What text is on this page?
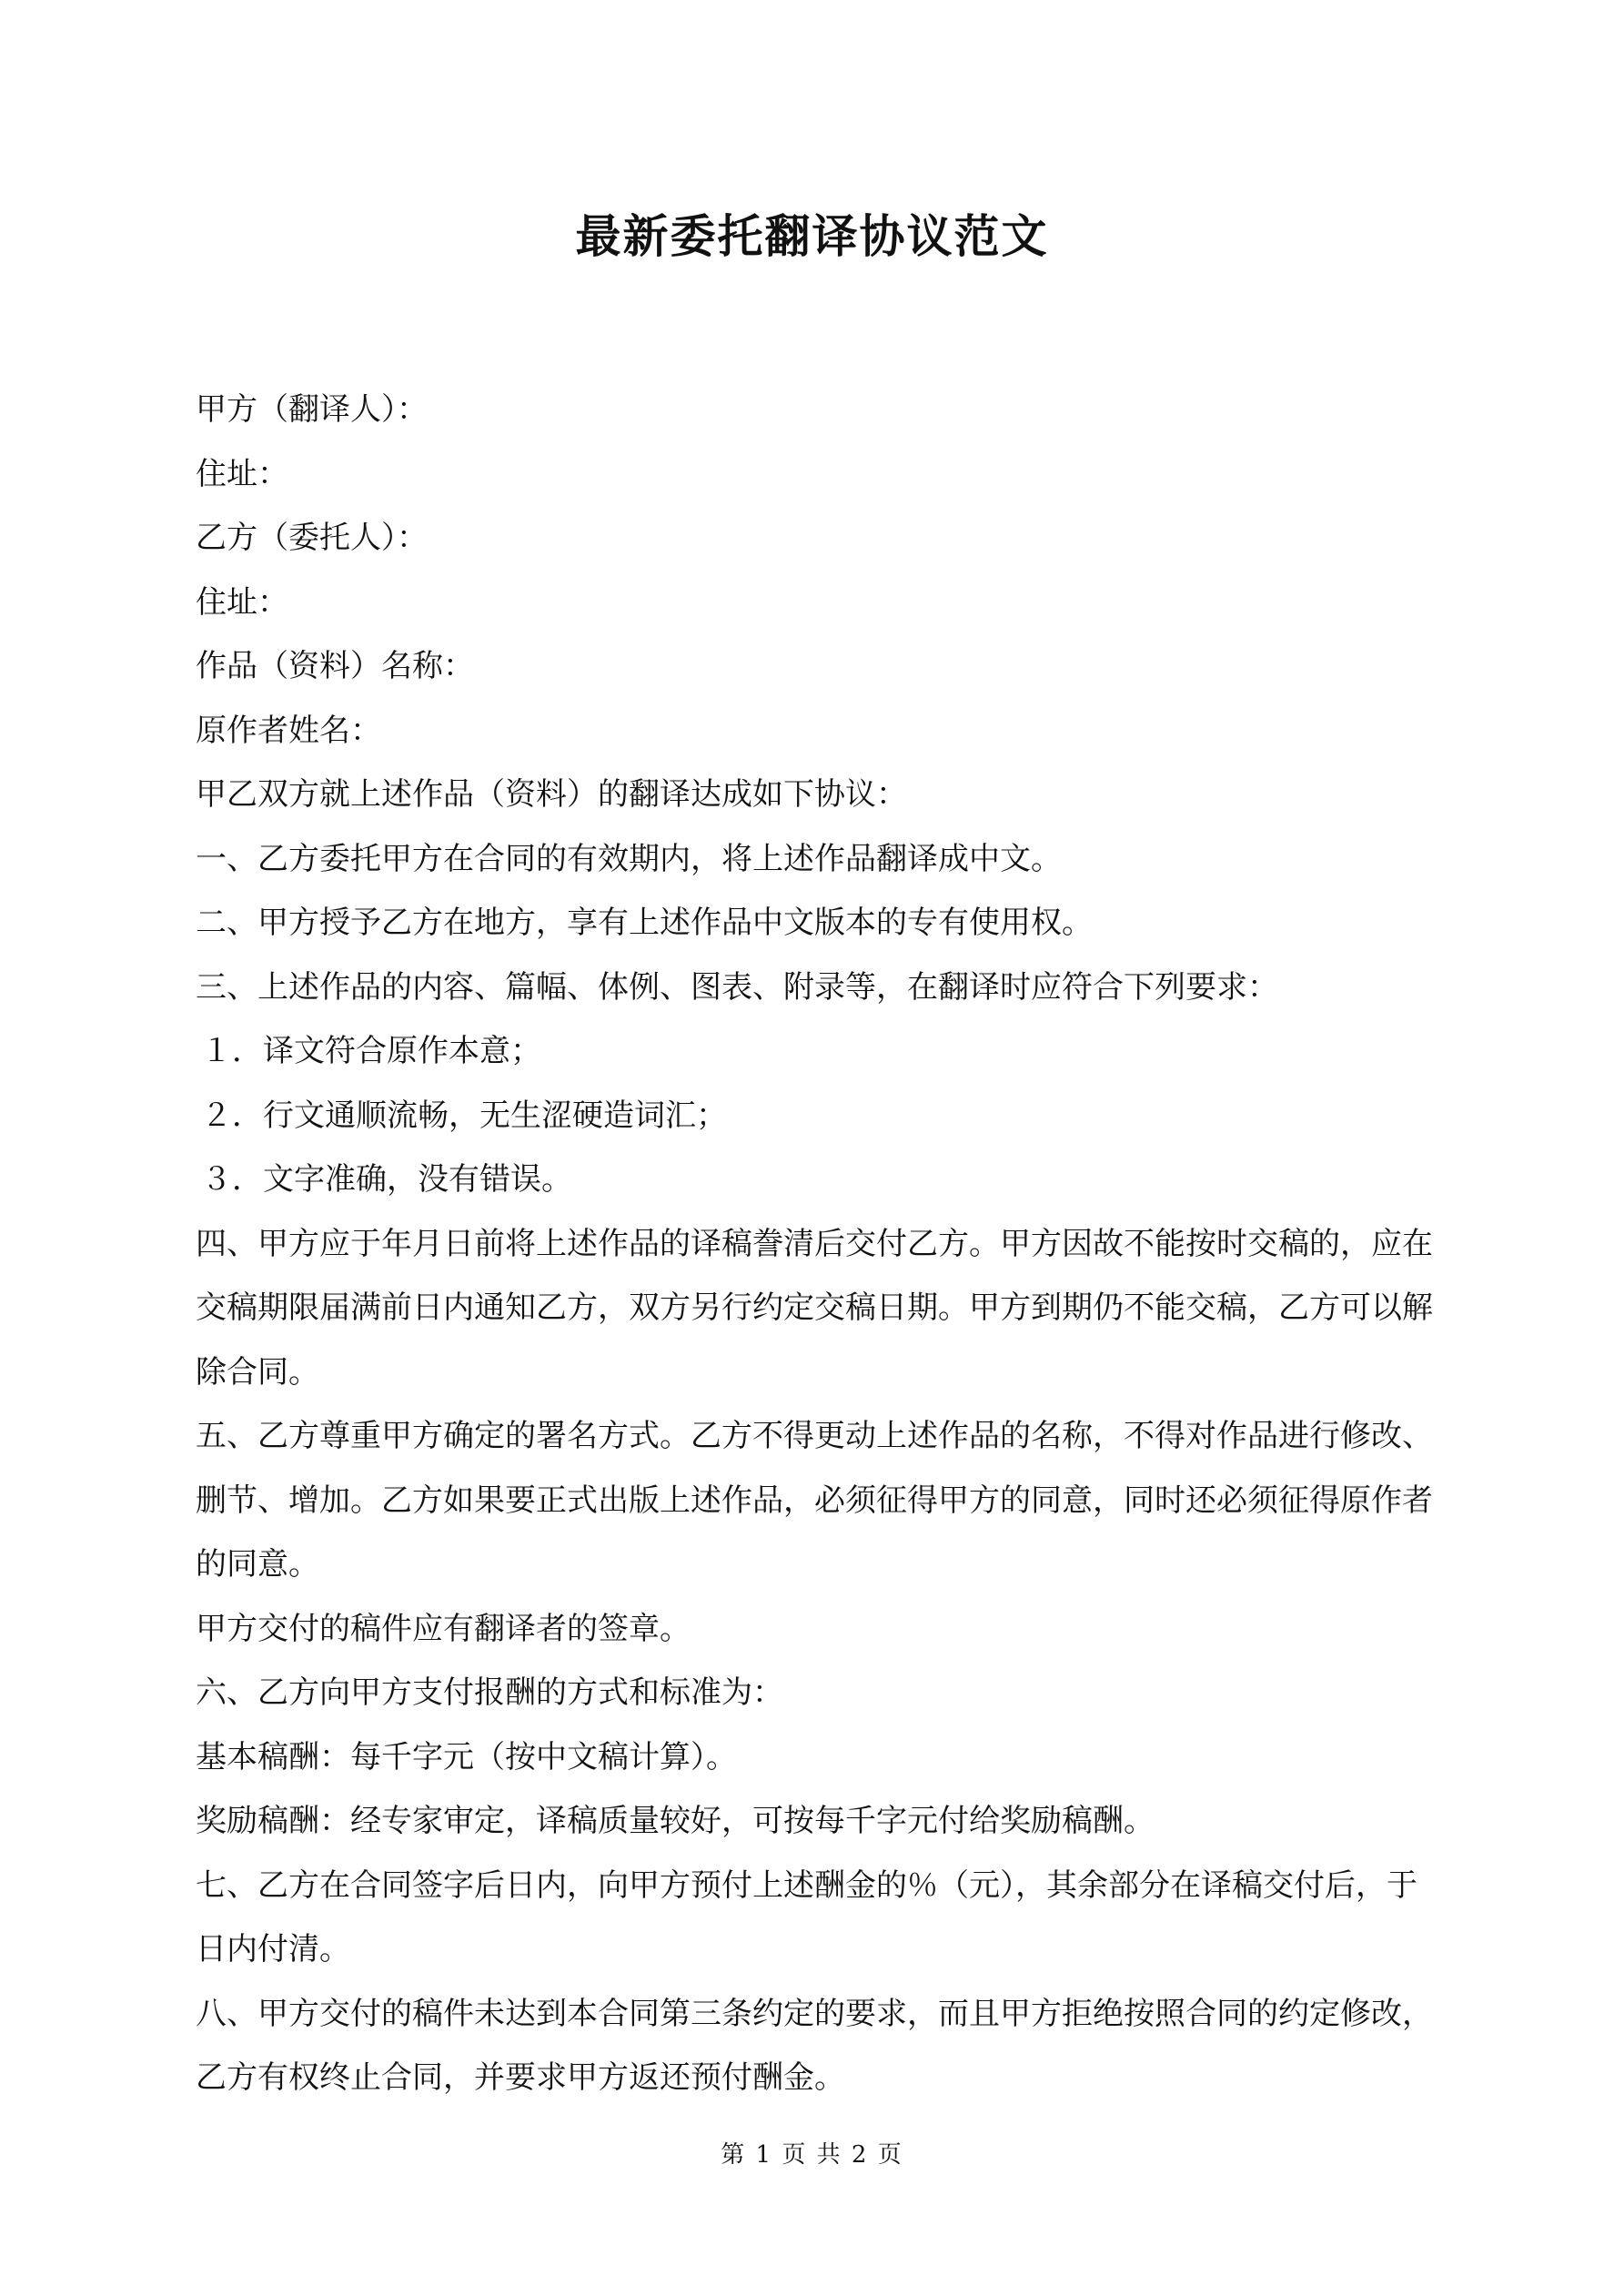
最新委托翻译协议范文

甲方（翻译人）：

住址：

乙方（委托人）：

住址：

作品（资料）名称：

原作者姓名：

甲乙双方就上述作品（资料）的翻译达成如下协议：

一、乙方委托甲方在合同的有效期内，将上述作品翻译成中文。

二、甲方授予乙方在地方，享有上述作品中文版本的专有使用权。

三、上述作品的内容、篇幅、体例、图表、附录等，在翻译时应符合下列要求：

１．译文符合原作本意；

２．行文通顺流畅，无生涩硬造词汇；

３．文字准确，没有错误。

四、甲方应于年月日前将上述作品的译稿誊清后交付乙方。甲方因故不能按时交稿的，应在交稿期限届满前日内通知乙方，双方另行约定交稿日期。甲方到期仍不能交稿，乙方可以解除合同。

五、乙方尊重甲方确定的署名方式。乙方不得更动上述作品的名称，不得对作品进行修改、删节、增加。乙方如果要正式出版上述作品，必须征得甲方的同意，同时还必须征得原作者的同意。

甲方交付的稿件应有翻译者的签章。

六、乙方向甲方支付报酬的方式和标准为：

基本稿酬：每千字元（按中文稿计算）。

奖励稿酬：经专家审定，译稿质量较好，可按每千字元付给奖励稿酬。

七、乙方在合同签字后日内，向甲方预付上述酬金的％（元），其余部分在译稿交付后，于日内付清。

八、甲方交付的稿件未达到本合同第三条约定的要求，而且甲方拒绝按照合同的约定修改，乙方有权终止合同，并要求甲方返还预付酬金。

第 1 页 共 2 页
